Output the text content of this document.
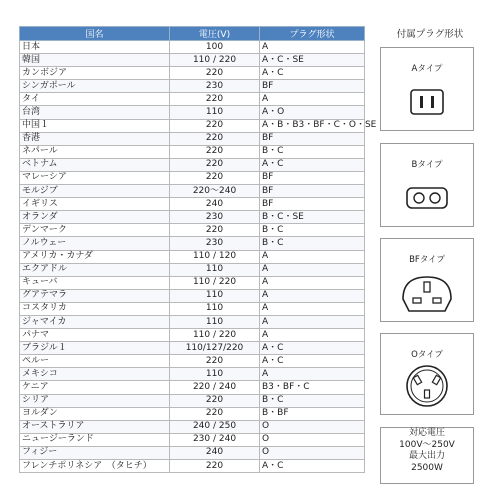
国名	電圧(V)	プラグ形状
日本	100	A
韓国	110 / 220	A・C・SE
カンボジア	220	A・C
シンガポール	230	BF
タイ	220	A
台湾	110	A・O
中国１	220	A・B・B3・BF・C・O・SE
香港	220	BF
ネパール	220	B・C
ベトナム	220	A・C
マレーシア	220	BF
モルジブ	220〜240	BF
イギリス	240	BF
オランダ	230	B・C・SE
デンマーク	220	B・C
ノルウェー	230	B・C
アメリカ・カナダ	110 / 120	A
エクアドル	110	A
キューバ	110 / 220	A
グアテマラ	110	A
コスタリカ	110	A
ジャマイカ	110	A
パナマ	110 / 220	A
ブラジル１	110/127/220	A・C
ペルー	220	A・C
メキシコ	110	A
ケニア	220 / 240	B3・BF・C
シリア	220	B・C
ヨルダン	220	B・BF
オーストラリア	240 / 250	O
ニュージーランド	230 / 240	O
フィジー	240	O
フレンチポリネシア　（タヒチ）	220	A・C
付属プラグ形状
Aタイプ
Bタイプ
BFタイプ
Oタイプ
対応電圧
100V〜250V
最大出力
2500W
